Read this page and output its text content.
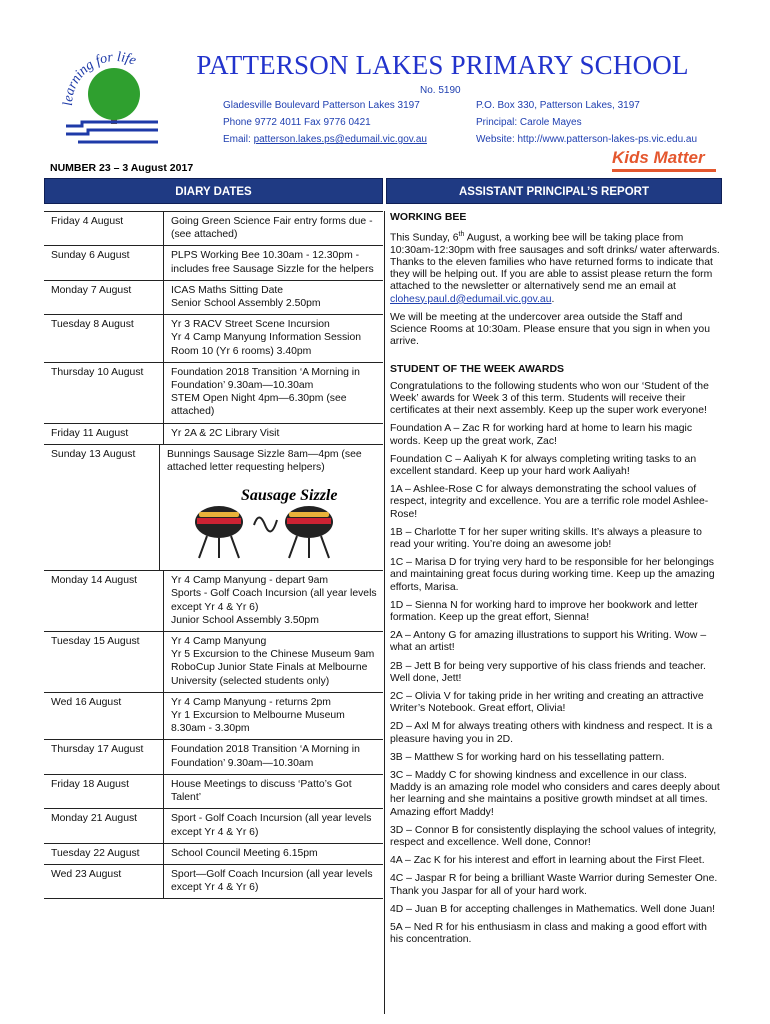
learning for life	PATTERSON LAKES PRIMARY SCHOOL
No. 5190
Gladesville Boulevard Patterson Lakes 3197	P.O. Box 330, Patterson Lakes, 3197
Phone 9772 4011 Fax 9776 0421	Principal: Carole Mayes
Email: patterson.lakes.ps@edumail.vic.gov.au	Website: http://www.patterson-lakes-ps.vic.edu.au
NUMBER 23 – 3 August 2017
Kids Matter
DIARY DATES	ASSISTANT PRINCIPAL’S REPORT
Friday 4 August	Going Green Science Fair entry forms due - (see attached)
Sunday 6 August	PLPS Working Bee 10.30am - 12.30pm - includes free Sausage Sizzle for the helpers
Monday 7 August	ICAS Maths Sitting Date
Senior School Assembly 2.50pm
Tuesday 8 August	Yr 3 RACV Street Scene Incursion
Yr 4 Camp Manyung Information Session Room 10 (Yr 6 rooms) 3.40pm
Thursday 10 August	Foundation 2018 Transition ‘A Morning in Foundation’ 9.30am—10.30am
STEM Open Night 4pm—6.30pm (see attached)
Friday 11 August	Yr 2A & 2C Library Visit
Sunday 13 August	Bunnings Sausage Sizzle 8am—4pm (see attached letter requesting helpers)
Sausage Sizzle
Monday 14 August	Yr 4 Camp Manyung - depart 9am
Sports - Golf Coach Incursion (all year levels except Yr 4 & Yr 6)
Junior School Assembly 3.50pm
Tuesday 15 August	Yr 4 Camp Manyung
Yr 5 Excursion to the Chinese Museum 9am
RoboCup Junior State Finals at Melbourne University (selected students only)
Wed 16 August	Yr 4 Camp Manyung - returns 2pm
Yr 1 Excursion to Melbourne Museum 8.30am - 3.30pm
Thursday 17 August	Foundation 2018 Transition ‘A Morning in Foundation’ 9.30am—10.30am
Friday 18 August	House Meetings to discuss ‘Patto’s Got Talent’
Monday 21 August	Sport - Golf Coach Incursion (all year levels except Yr 4 & Yr 6)
Tuesday 22 August	School Council Meeting 6.15pm
Wed 23 August	Sport—Golf Coach Incursion (all year levels except Yr 4 & Yr 6)
WORKING BEE

This Sunday, 6th August, a working bee will be taking place from 10:30am-12:30pm with free sausages and soft drinks/ water afterwards. Thanks to the eleven families who have returned forms to indicate that they will be helping out. If you are able to assist please return the form attached to the newsletter or alternatively send me an email at clohesy.paul.d@edumail.vic.gov.au.

We will be meeting at the undercover area outside the Staff and Science Rooms at 10:30am. Please ensure that you sign in when you arrive.

STUDENT OF THE WEEK AWARDS

Congratulations to the following students who won our ‘Student of the Week’ awards for Week 3 of this term. Students will receive their certificates at their next assembly. Keep up the super work everyone!

Foundation A – Zac R for working hard at home to learn his magic words. Keep up the great work, Zac!

Foundation C – Aaliyah K for always completing writing tasks to an excellent standard. Keep up your hard work Aaliyah!

1A – Ashlee-Rose C for always demonstrating the school values of respect, integrity and excellence. You are a terrific role model Ashlee-Rose!

1B – Charlotte T for her super writing skills. It’s always a pleasure to read your writing. You’re doing an awesome job!

1C – Marisa D for trying very hard to be responsible for her belongings and maintaining great focus during working time. Keep up the amazing efforts, Marisa.

1D – Sienna N for working hard to improve her bookwork and letter formation. Keep up the great effort, Sienna!

2A – Antony G for amazing illustrations to support his Writing. Wow – what an artist!

2B – Jett B for being very supportive of his class friends and teacher. Well done, Jett!

2C – Olivia V for taking pride in her writing and creating an attractive Writer’s Notebook. Great effort, Olivia!

2D – Axl M for always treating others with kindness and respect. It is a pleasure having you in 2D.

3B – Matthew S for working hard on his tessellating pattern.

3C – Maddy C for showing kindness and excellence in our class. Maddy is an amazing role model who considers and cares deeply about her learning and she maintains a positive growth mindset at all times. Amazing effort Maddy!

3D – Connor B for consistently displaying the school values of integrity, respect and excellence. Well done, Connor!

4A – Zac K for his interest and effort in learning about the First Fleet.

4C – Jaspar R for being a brilliant Waste Warrior during Semester One. Thank you Jaspar for all of your hard work.

4D – Juan B for accepting challenges in Mathematics. Well done Juan!

5A – Ned R for his enthusiasm in class and making a good effort with his concentration.
